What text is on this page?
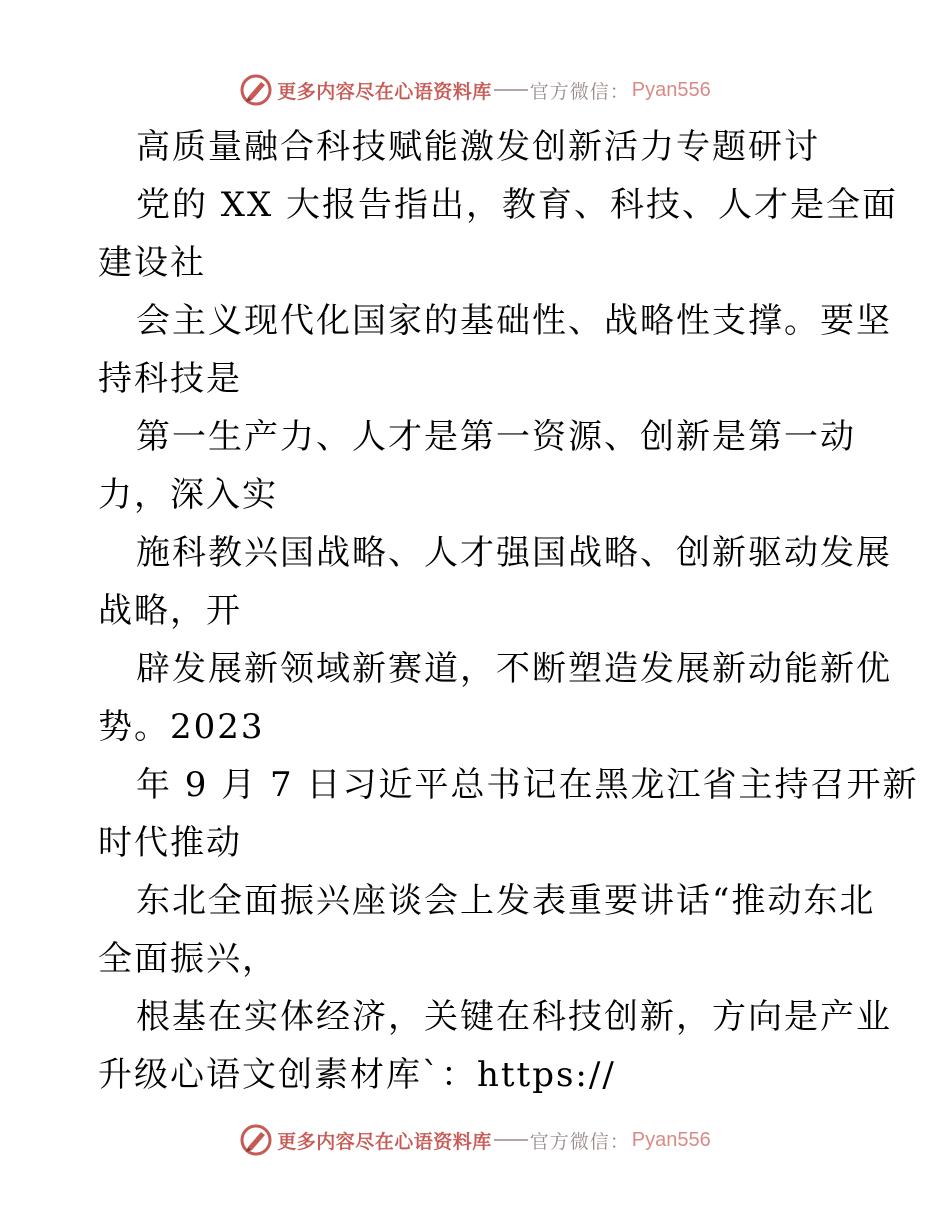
更多内容尽在心语资料库 官方微信： Pyan556
高质量融合科技赋能激发创新活力专题研讨
党的 XX 大报告指出，教育、科技、人才是全面
建设社
会主义现代化国家的基础性、战略性支撑。要坚
持科技是
第一生产力、人才是第一资源、创新是第一动
力，深入实
施科教兴国战略、人才强国战略、创新驱动发展
战略，开
辟发展新领域新赛道，不断塑造发展新动能新优
势。2023
年 9 月 7 日习近平总书记在黑龙江省主持召开新
时代推动
东北全面振兴座谈会上发表重要讲话“推动东北
全面振兴，
根基在实体经济，关键在科技创新，方向是产业
升级心语文创素材库`：https://
更多内容尽在心语资料库 官方微信： Pyan556
